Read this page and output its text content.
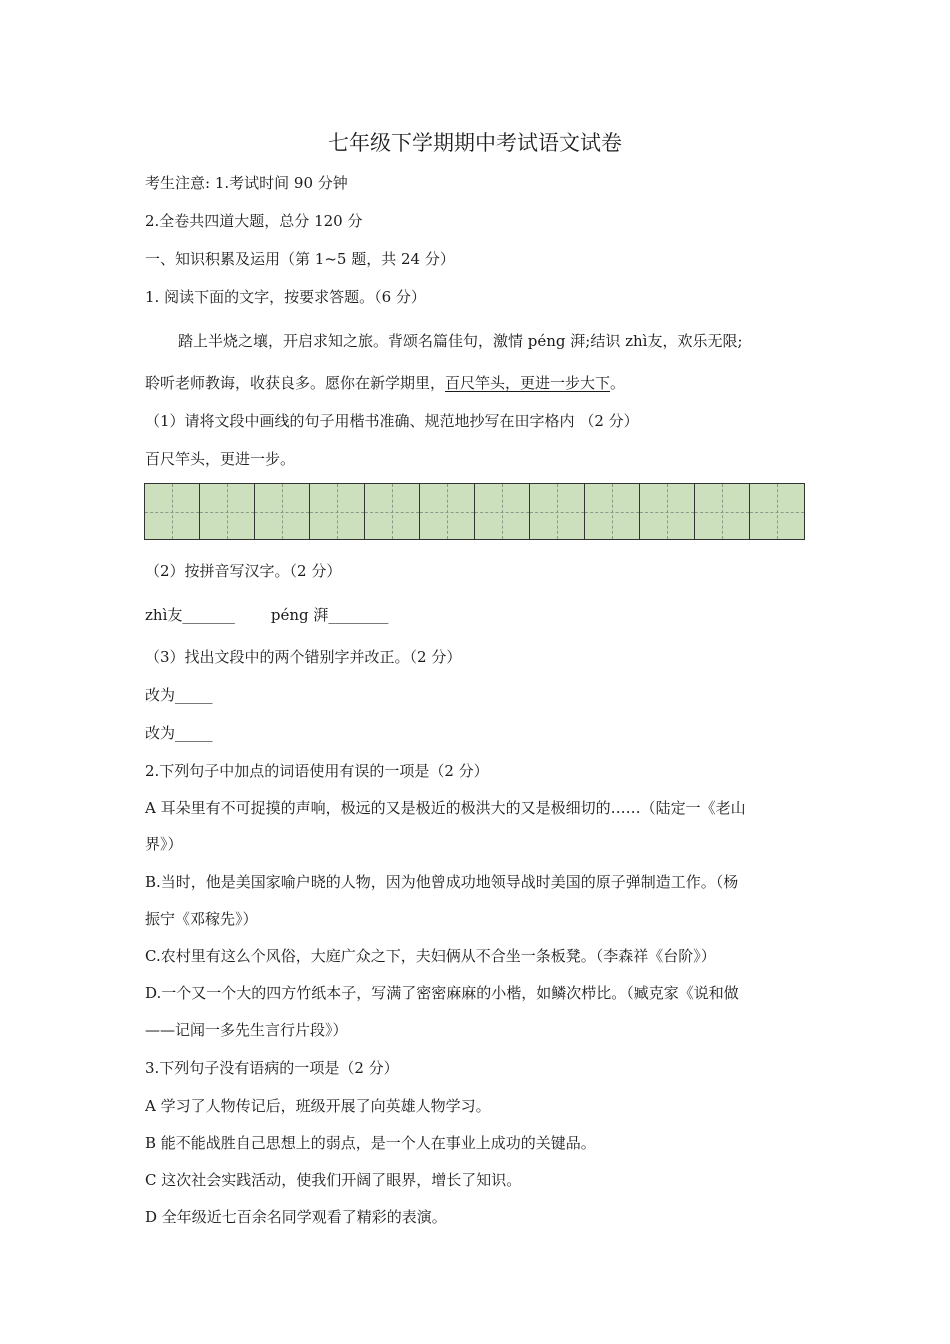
七年级下学期期中考试语文试卷
考生注意: 1.考试时间 90 分钟
2.全卷共四道大题，总分 120 分
一、知识积累及运用（第 1~5 题，共 24 分）
1. 阅读下面的文字，按要求答题。（6 分）
踏上半烧之壤，开启求知之旅。背颂名篇佳句，激情 péng 湃;结识 zhì友，欢乐无限;
聆听老师教诲，收获良多。愿你在新学期里，百尺竿头，更进一步大下。
（1）请将文段中画线的句子用楷书准确、规范地抄写在田字格内 （2 分）
百尺竿头，更进一步。
（2）按拼音写汉字。（2 分）
zhì友_______ péng 湃________
（3）找出文段中的两个错别字并改正。（2 分）
改为_____
改为_____
2.下列句子中加点的词语使用有误的一项是（2 分）
A 耳朵里有不可捉摸的声响，极远的又是极近的极洪大的又是极细切的……（陆定一《老山
界》）
B.当时，他是美国家喻户晓的人物，因为他曾成功地领导战时美国的原子弹制造工作。（杨
振宁《邓稼先》）
C.农村里有这么个风俗，大庭广众之下，夫妇俩从不合坐一条板凳。（李森祥《台阶》）
D.一个又一个大的四方竹纸本子，写满了密密麻麻的小楷，如鳞次栉比。（臧克家《说和做
——记闻一多先生言行片段》）
3.下列句子没有语病的一项是（2 分）
A 学习了人物传记后，班级开展了向英雄人物学习。
B 能不能战胜自己思想上的弱点，是一个人在事业上成功的关键品。
C 这次社会实践活动，使我们开阔了眼界，增长了知识。
D 全年级近七百余名同学观看了精彩的表演。
